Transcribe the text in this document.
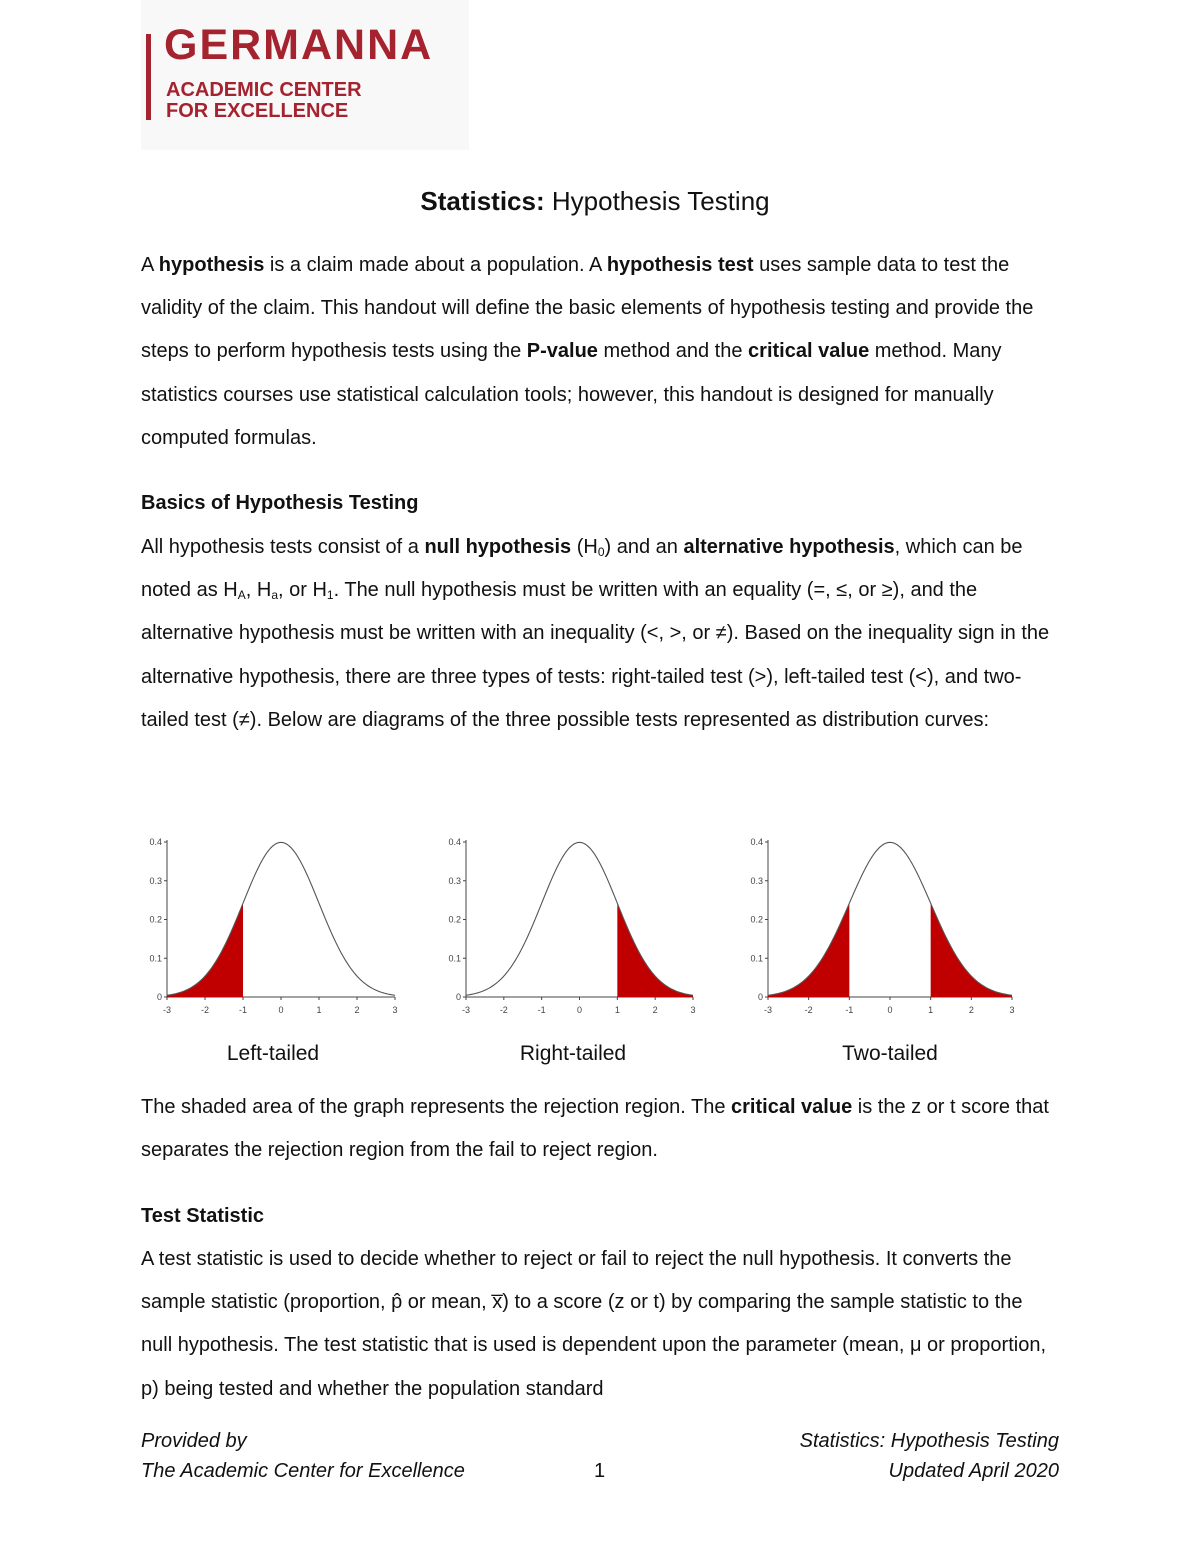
GERMANNA
ACADEMIC CENTER
FOR EXCELLENCE
Statistics: Hypothesis Testing

A hypothesis is a claim made about a population. A hypothesis test uses sample data to test the validity of the claim. This handout will define the basic elements of hypothesis testing and provide the steps to perform hypothesis tests using the P-value method and the critical value method. Many statistics courses use statistical calculation tools; however, this handout is designed for manually computed formulas.

Basics of Hypothesis Testing

All hypothesis tests consist of a null hypothesis $(H_0)$ and an alternative hypothesis, which can be noted as $H_A$, $H_a$, or $H_1$. The null hypothesis must be written with an equality (=, ≤, or ≥), and the alternative hypothesis must be written with an inequality (<, >, or ≠). Based on the inequality sign in the alternative hypothesis, there are three types of tests: right-tailed test (>), left-tailed test (<), and two-tailed test (≠). Below are diagrams of the three possible tests represented as distribution curves:

-3	-2	-1	0	1	2	3
0
0.1
0.2
0.3
0.4
-3	-2	-1	0	1	2	3
0
0.1
0.2
0.3
0.4
-3	-2	-1	0	1	2	3
0
0.1
0.2
0.3
0.4
Left-tailed	Right-tailed	Two-tailed

The shaded area of the graph represents the rejection region. The critical value is the z or t score that separates the rejection region from the fail to reject region.

Test Statistic

A test statistic is used to decide whether to reject or fail to reject the null hypothesis. It converts the sample statistic (proportion, p̂ or mean, x̅) to a score (z or t) by comparing the sample statistic to the null hypothesis. The test statistic that is used is dependent upon the parameter (mean, μ or proportion, p) being tested and whether the population standard

Provided by
The Academic Center for Excellence	1
Statistics: Hypothesis Testing
Updated April 2020
